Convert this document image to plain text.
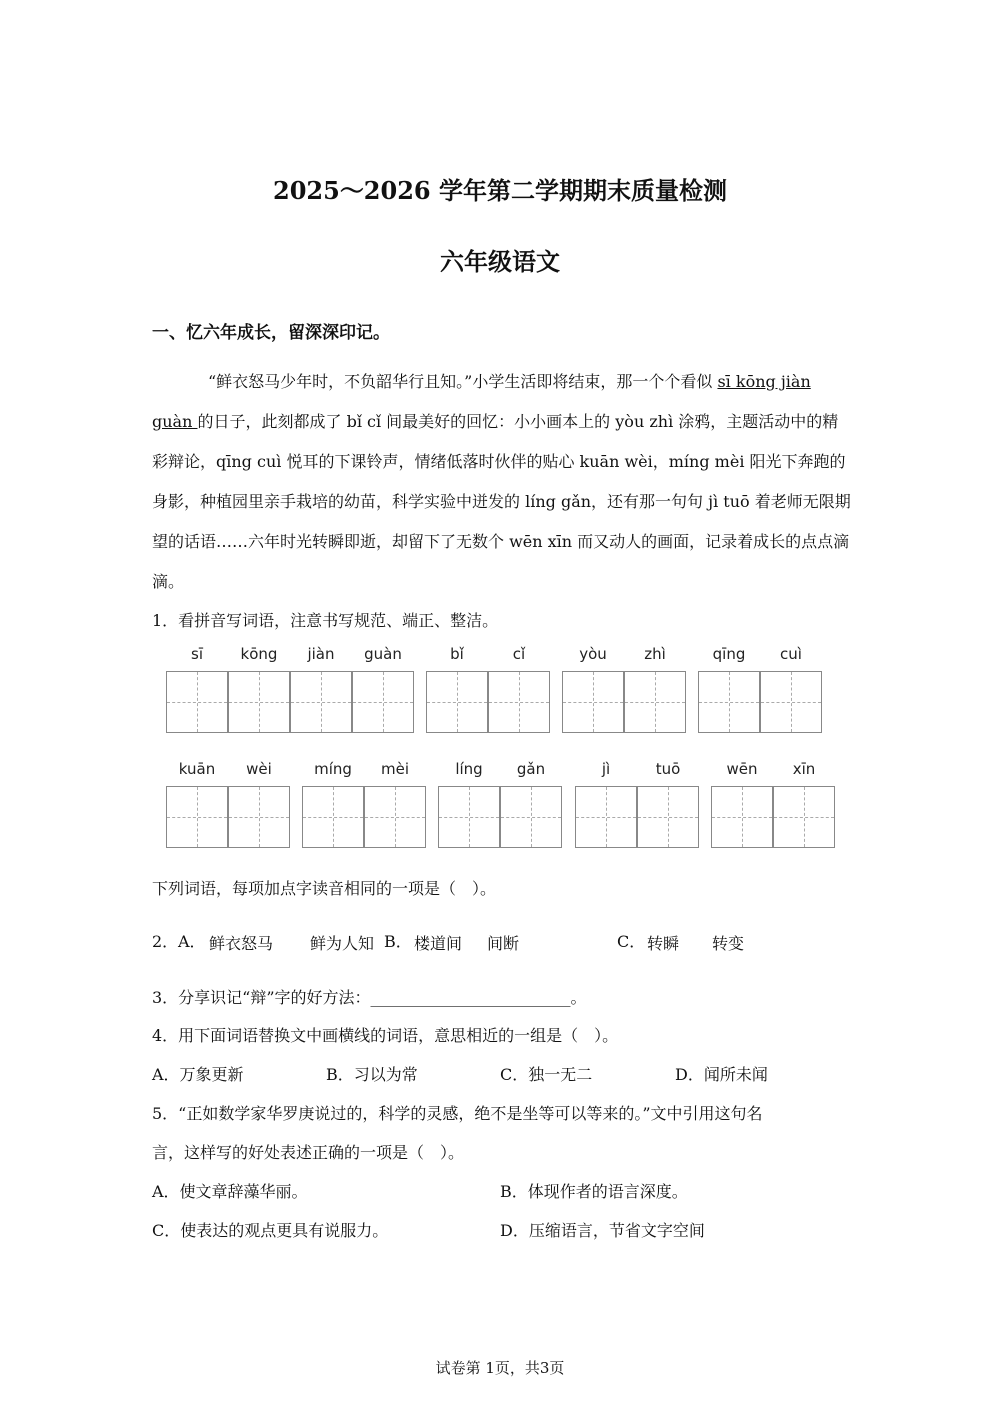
2025～2026 学年第二学期期末质量检测
六年级语文
一、忆六年成长，留深深印记。
“鲜衣怒马少年时，不负韶华行且知。”小学生活即将结束，那一个个看似 sī kōng jiàn guàn 的日子，此刻都成了 bǐ cǐ 间最美好的回忆：小小画本上的 yòu zhì 涂鸦，主题活动中的精彩辩论，qīng cuì 悦耳的下课铃声，情绪低落时伙伴的贴心 kuān wèi，míng mèi 阳光下奔跑的身影，种植园里亲手栽培的幼苗，科学实验中迸发的 líng gǎn，还有那一句句 jì tuō 着老师无限期望的话语……六年时光转瞬即逝，却留下了无数个 wēn xīn 而又动人的画面，记录着成长的点点滴滴。
1．看拼音写词语，注意书写规范、端正、整洁。
sī	kōng	jiàn	guàn	bǐ	cǐ	yòu	zhì	qīng	cuì
kuān	wèi	míng	mèi	líng	gǎn	jì	tuō	wēn	xīn
下列词语，每项加点字读音相同的一项是（　）。
2． A． 鲜衣怒马 鲜为人知 B． 楼道间 间断	C． 转瞬 转变
3．分享识记“辩”字的好方法：_________________________。
4．用下面词语替换文中画横线的词语，意思相近的一组是（　）。
A．万象更新	B．习以为常	C．独一无二	D．闻所未闻
5．“正如数学家华罗庚说过的，科学的灵感，绝不是坐等可以等来的。”文中引用这句名
言，这样写的好处表述正确的一项是（　）。
A．使文章辞藻华丽。	B．体现作者的语言深度。
C．使表达的观点更具有说服力。	D．压缩语言，节省文字空间
试卷第 1页，共3页
